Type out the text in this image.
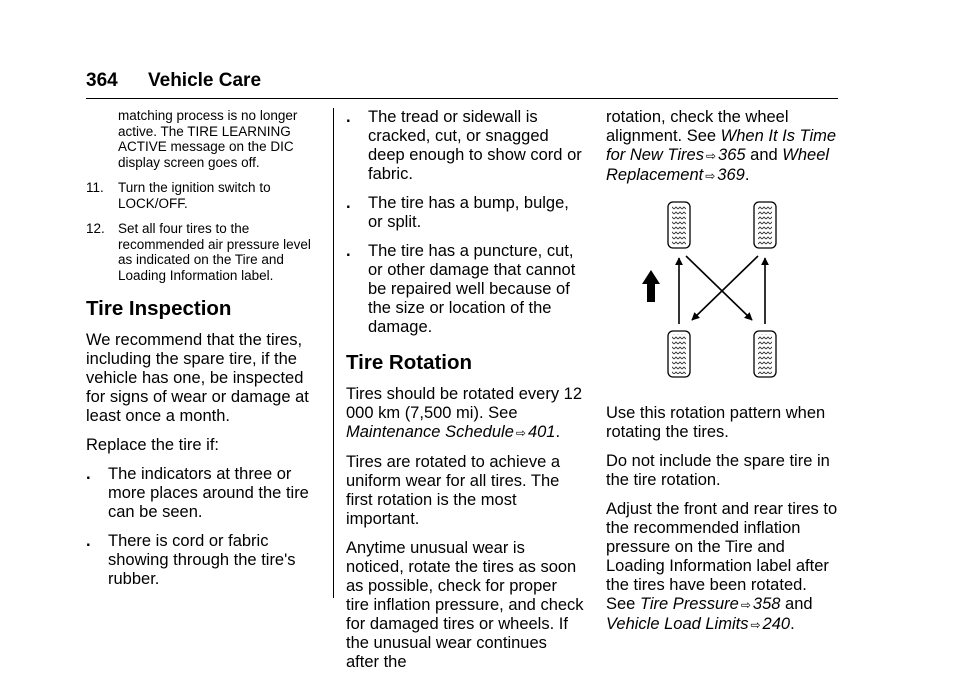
364 Vehicle Care

matching process is no longer active. The TIRE LEARNING ACTIVE message on the DIC display screen goes off.

11.	Turn the ignition switch to LOCK/OFF.
12. Set all four tires to the recommended air pressure level as indicated on the Tire and Loading Information label.
Tire Inspection

We recommend that the tires, including the spare tire, if the vehicle has one, be inspected for signs of wear or damage at least once a month.

Replace the tire if:

.	The indicators at three or more places around the tire can be seen.
.	There is cord or fabric showing through the tire's rubber.
.	The tread or sidewall is cracked, cut, or snagged deep enough to show cord or fabric.
.	The tire has a bump, bulge, or split.
.	The tire has a puncture, cut, or other damage that cannot be repaired well because of the size or location of the damage.
Tire Rotation

Tires should be rotated every 12 000 km (7,500 mi). See Maintenance Schedule ⇨ 401.

Tires are rotated to achieve a uniform wear for all tires. The first rotation is the most important.

Anytime unusual wear is noticed, rotate the tires as soon as possible, check for proper tire inflation pressure, and check for damaged tires or wheels. If the unusual wear continues after the

rotation, check the wheel alignment. See When It Is Time for New Tires ⇨ 365 and Wheel Replacement ⇨ 369.

Use this rotation pattern when rotating the tires.

Do not include the spare tire in the tire rotation.

Adjust the front and rear tires to the recommended inflation pressure on the Tire and Loading Information label after the tires have been rotated. See Tire Pressure ⇨ 358 and Vehicle Load Limits ⇨ 240.
